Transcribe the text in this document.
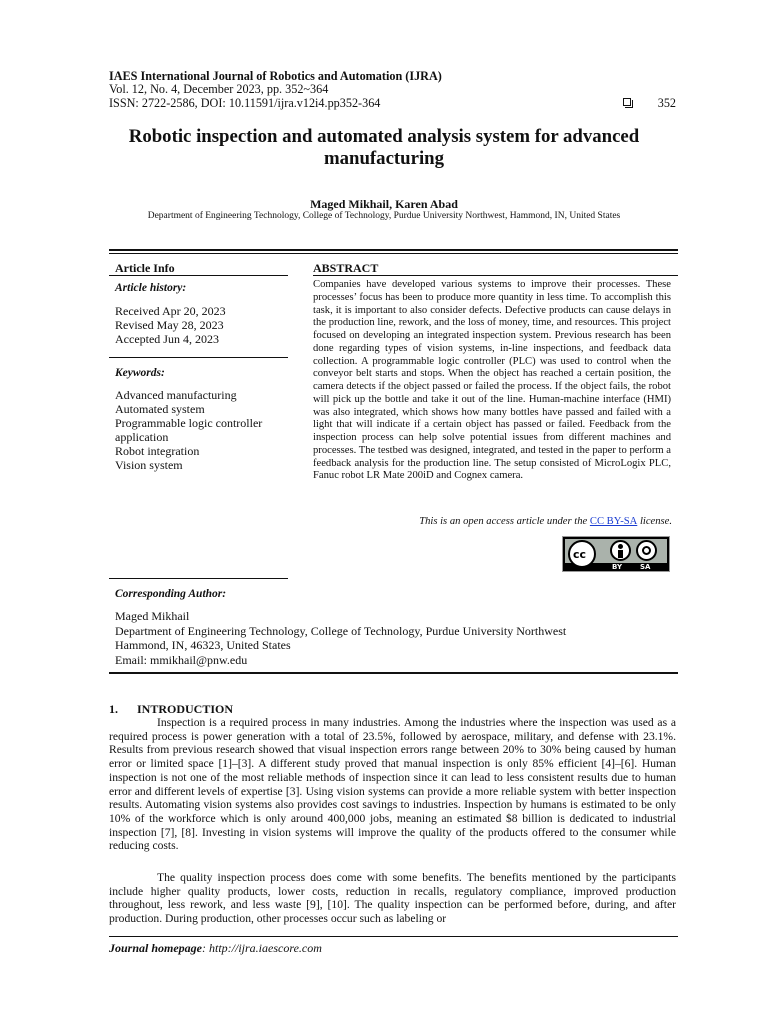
IAES International Journal of Robotics and Automation (IJRA)
Vol. 12, No. 4, December 2023, pp. 352~364
ISSN: 2722-2586, DOI: 10.11591/ijra.v12i4.pp352-364	352
Robotic inspection and automated analysis system for advanced
manufacturing
Maged Mikhail, Karen Abad
Department of Engineering Technology, College of Technology, Purdue University Northwest, Hammond, IN, United States
Article Info
Article history:
Received Apr 20, 2023
Revised May 28, 2023
Accepted Jun 4, 2023
Keywords:
Advanced manufacturing
Automated system
Programmable logic controller
application
Robot integration
Vision system
ABSTRACT
Companies have developed various systems to improve their processes. These processes’ focus has been to produce more quantity in less time. To accomplish this task, it is important to also consider defects. Defective products can cause delays in the production line, rework, and the loss of money, time, and resources. This project focused on developing an integrated inspection system. Previous research has been done regarding types of vision systems, in-line inspections, and feedback data collection. A programmable logic controller (PLC) was used to control when the conveyor belt starts and stops. When the object has reached a certain position, the camera detects if the object passed or failed the process. If the object fails, the robot will pick up the bottle and take it out of the line. Human-machine interface (HMI) was also integrated, which shows how many bottles have passed and failed with a light that will indicate if a certain object has passed or failed. Feedback from the inspection process can help solve potential issues from different machines and processes. The testbed was designed, integrated, and tested in the paper to perform a feedback analysis for the production line. The setup consisted of MicroLogix PLC, Fanuc robot LR Mate 200iD and Cognex camera.
This is an open access article under the CC BY-SA license.
cc
BY	SA
Corresponding Author:
Maged Mikhail
Department of Engineering Technology, College of Technology, Purdue University Northwest
Hammond, IN, 46323, United States
Email: mmikhail@pnw.edu
1. INTRODUCTION
Inspection is a required process in many industries. Among the industries where the inspection was used as a required process is power generation with a total of 23.5%, followed by aerospace, military, and defense with 23.1%. Results from previous research showed that visual inspection errors range between 20% to 30% being caused by human error or limited space [1]–[3]. A different study proved that manual inspection is only 85% efficient [4]–[6]. Human inspection is not one of the most reliable methods of inspection since it can lead to less consistent results due to human error and different levels of expertise [3]. Using vision systems can provide a more reliable system with better inspection results. Automating vision systems also provides cost savings to industries. Inspection by humans is estimated to be only 10% of the workforce which is only around 400,000 jobs, meaning an estimated $8 billion is dedicated to industrial inspection [7], [8]. Investing in vision systems will improve the quality of the products offered to the consumer while reducing costs.
The quality inspection process does come with some benefits. The benefits mentioned by the participants include higher quality products, lower costs, reduction in recalls, regulatory compliance, improved production throughout, less rework, and less waste [9], [10]. The quality inspection can be performed before, during, and after production. During production, other processes occur such as labeling or
Journal homepage: http://ijra.iaescore.com
